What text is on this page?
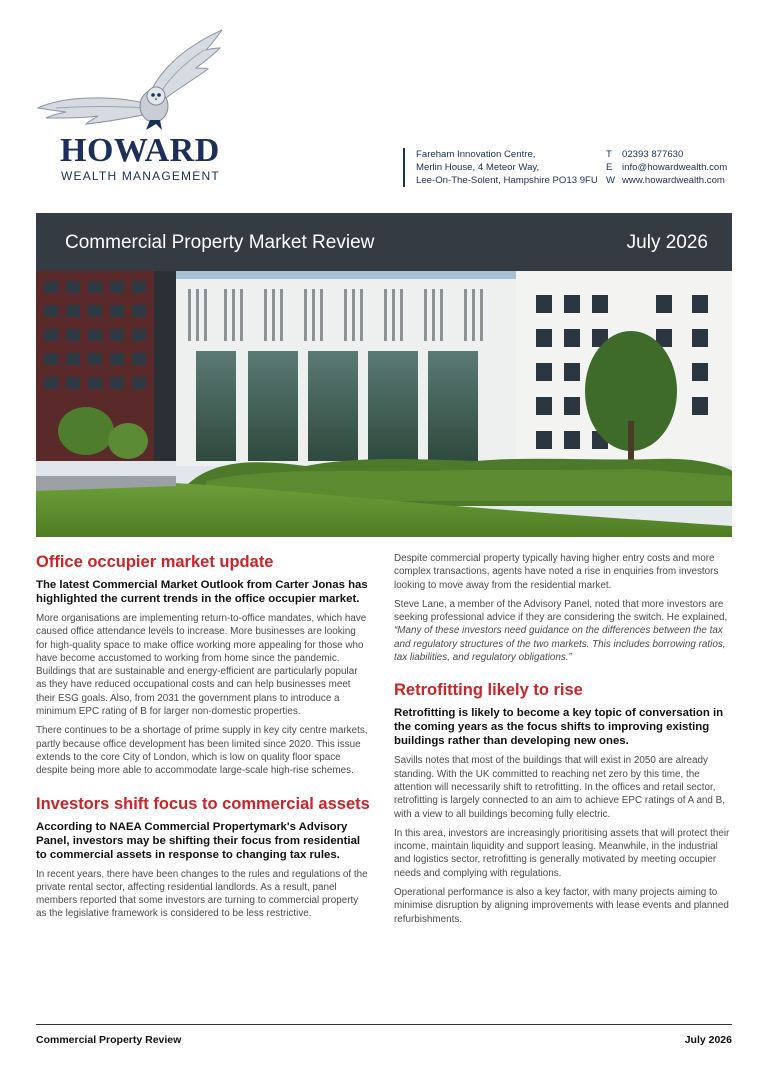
HOWARD
WEALTH MANAGEMENT
Fareham Innovation Centre,
Merlin House, 4 Meteor Way,
Lee-On-The-Solent, Hampshire PO13 9FU
T 02393 877630
E info@howardwealth.com
W www.howardwealth.com
Commercial Property Market Review	July 2026
Office occupier market update
The latest Commercial Market Outlook from Carter Jonas has highlighted the current trends in the office occupier market.

More organisations are implementing return-to-office mandates, which have caused office attendance levels to increase. More businesses are looking for high-quality space to make office working more appealing for those who have become accustomed to working from home since the pandemic. Buildings that are sustainable and energy-efficient are particularly popular as they have reduced occupational costs and can help businesses meet their ESG goals. Also, from 2031 the government plans to introduce a minimum EPC rating of B for larger non-domestic properties.

There continues to be a shortage of prime supply in key city centre markets, partly because office development has been limited since 2020. This issue extends to the core City of London, which is low on quality floor space despite being more able to accommodate large-scale high-rise schemes.

Investors shift focus to commercial assets
According to NAEA Commercial Propertymark's Advisory Panel, investors may be shifting their focus from residential to commercial assets in response to changing tax rules.

In recent years, there have been changes to the rules and regulations of the private rental sector, affecting residential landlords. As a result, panel members reported that some investors are turning to commercial property as the legislative framework is considered to be less restrictive.

Despite commercial property typically having higher entry costs and more complex transactions, agents have noted a rise in enquiries from investors looking to move away from the residential market.

Steve Lane, a member of the Advisory Panel, noted that more investors are seeking professional advice if they are considering the switch. He explained, “Many of these investors need guidance on the differences between the tax and regulatory structures of the two markets. This includes borrowing ratios, tax liabilities, and regulatory obligations.”

Retrofitting likely to rise
Retrofitting is likely to become a key topic of conversation in the coming years as the focus shifts to improving existing buildings rather than developing new ones.

Savills notes that most of the buildings that will exist in 2050 are already standing. With the UK committed to reaching net zero by this time, the attention will necessarily shift to retrofitting. In the offices and retail sector, retrofitting is largely connected to an aim to achieve EPC ratings of A and B, with a view to all buildings becoming fully electric.

In this area, investors are increasingly prioritising assets that will protect their income, maintain liquidity and support leasing. Meanwhile, in the industrial and logistics sector, retrofitting is generally motivated by meeting occupier needs and complying with regulations.

Operational performance is also a key factor, with many projects aiming to minimise disruption by aligning improvements with lease events and planned refurbishments.

Commercial Property Review	July 2026
